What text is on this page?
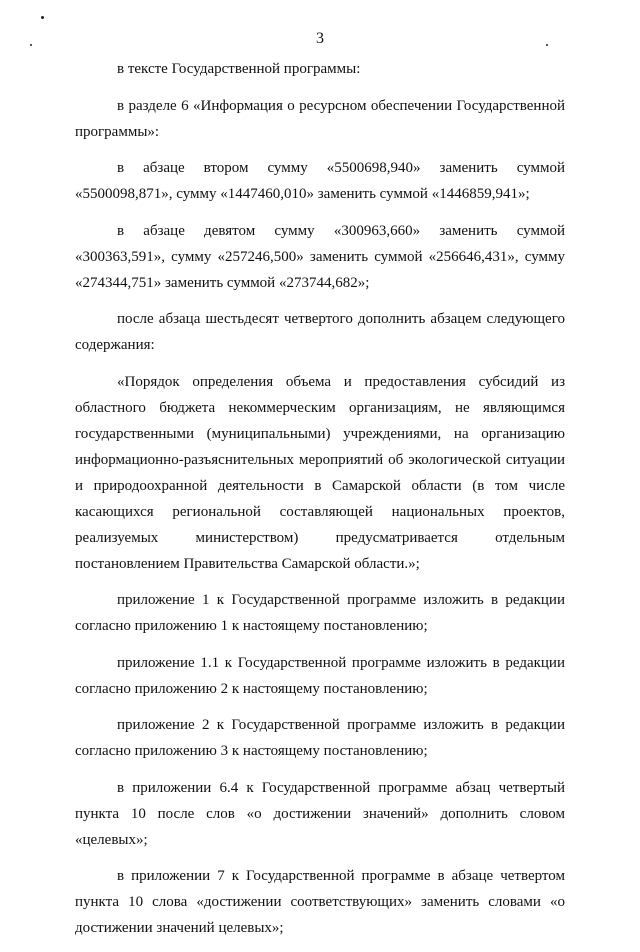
3

в тексте Государственной программы:

в разделе 6 «Информация о ресурсном обеспечении Государственной программы»:

в абзаце втором сумму «5500698,940» заменить суммой «5500098,871», сумму «1447460,010» заменить суммой «1446859,941»;

в абзаце девятом сумму «300963,660» заменить суммой «300363,591», сумму «257246,500» заменить суммой «256646,431», сумму «274344,751» заменить суммой «273744,682»;

после абзаца шестьдесят четвертого дополнить абзацем следующего содержания:

«Порядок определения объема и предоставления субсидий из областного бюджета некоммерческим организациям, не являющимся государственными (муниципальными) учреждениями, на организацию информационно-разъяснительных мероприятий об экологической ситуации и природоохранной деятельности в Самарской области (в том числе касающихся региональной составляющей национальных проектов, реализуемых министерством) предусматривается отдельным постановлением Правительства Самарской области.»;

приложение 1 к Государственной программе изложить в редакции согласно приложению 1 к настоящему постановлению;

приложение 1.1 к Государственной программе изложить в редакции согласно приложению 2 к настоящему постановлению;

приложение 2 к Государственной программе изложить в редакции согласно приложению 3 к настоящему постановлению;

в приложении 6.4 к Государственной программе абзац четвертый пункта 10 после слов «о достижении значений» дополнить словом «целевых»;

в приложении 7 к Государственной программе в абзаце четвертом пункта 10 слова «достижении соответствующих» заменить словами «о достижении значений целевых»;
